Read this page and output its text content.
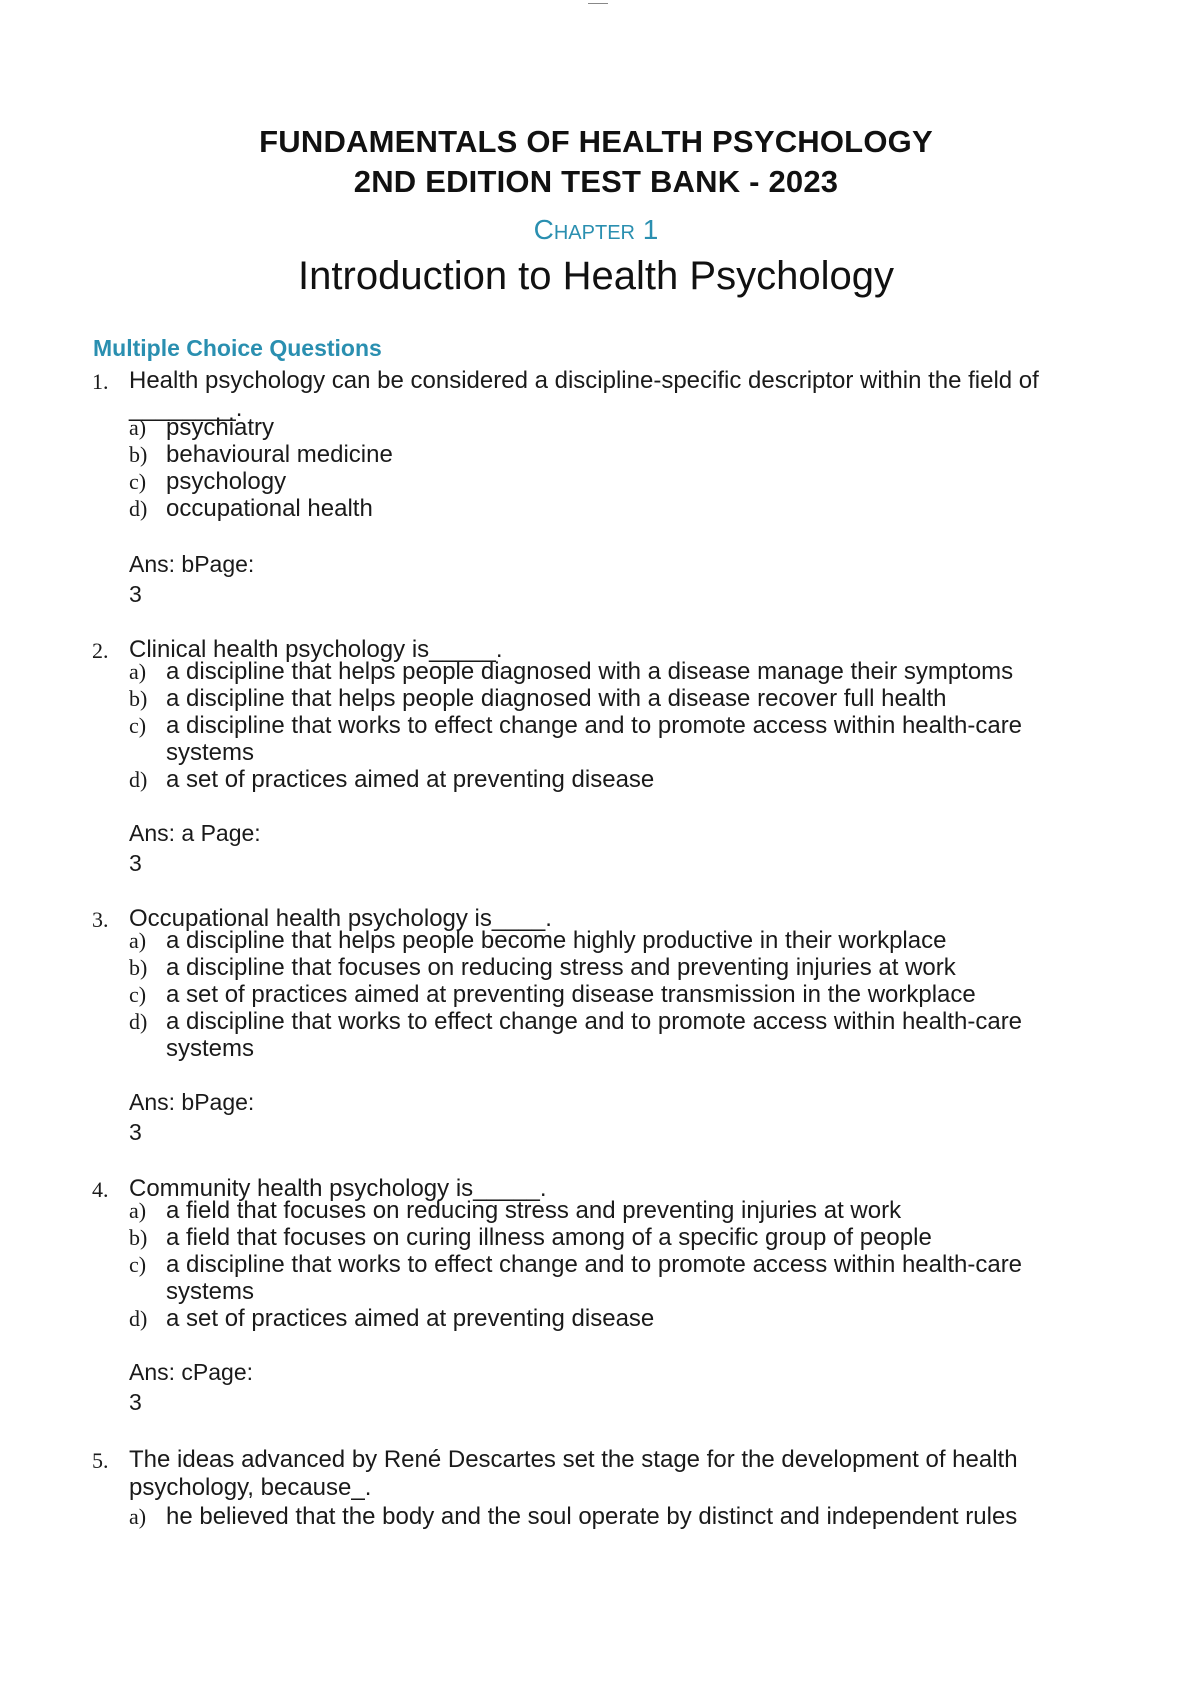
FUNDAMENTALS OF HEALTH PSYCHOLOGY
2ND EDITION TEST BANK - 2023
Chapter 1
Introduction to Health Psychology
Multiple Choice Questions
1. Health psychology can be considered a discipline-specific descriptor within the field of ________.
a) psychiatry
b) behavioural medicine
c) psychology
d) occupational health
Ans: bPage:
3
2. Clinical health psychology is_____.
a) a discipline that helps people diagnosed with a disease manage their symptoms
b) a discipline that helps people diagnosed with a disease recover full health
c) a discipline that works to effect change and to promote access within health-care systems
d) a set of practices aimed at preventing disease
Ans: a Page:
3
3. Occupational health psychology is____.
a) a discipline that helps people become highly productive in their workplace
b) a discipline that focuses on reducing stress and preventing injuries at work
c) a set of practices aimed at preventing disease transmission in the workplace
d) a discipline that works to effect change and to promote access within health-care systems
Ans: bPage:
3
4. Community health psychology is_____.
a) a field that focuses on reducing stress and preventing injuries at work
b) a field that focuses on curing illness among of a specific group of people
c) a discipline that works to effect change and to promote access within health-care systems
d) a set of practices aimed at preventing disease
Ans: cPage:
3
5. The ideas advanced by René Descartes set the stage for the development of health psychology, because_.
a) he believed that the body and the soul operate by distinct and independent rules
